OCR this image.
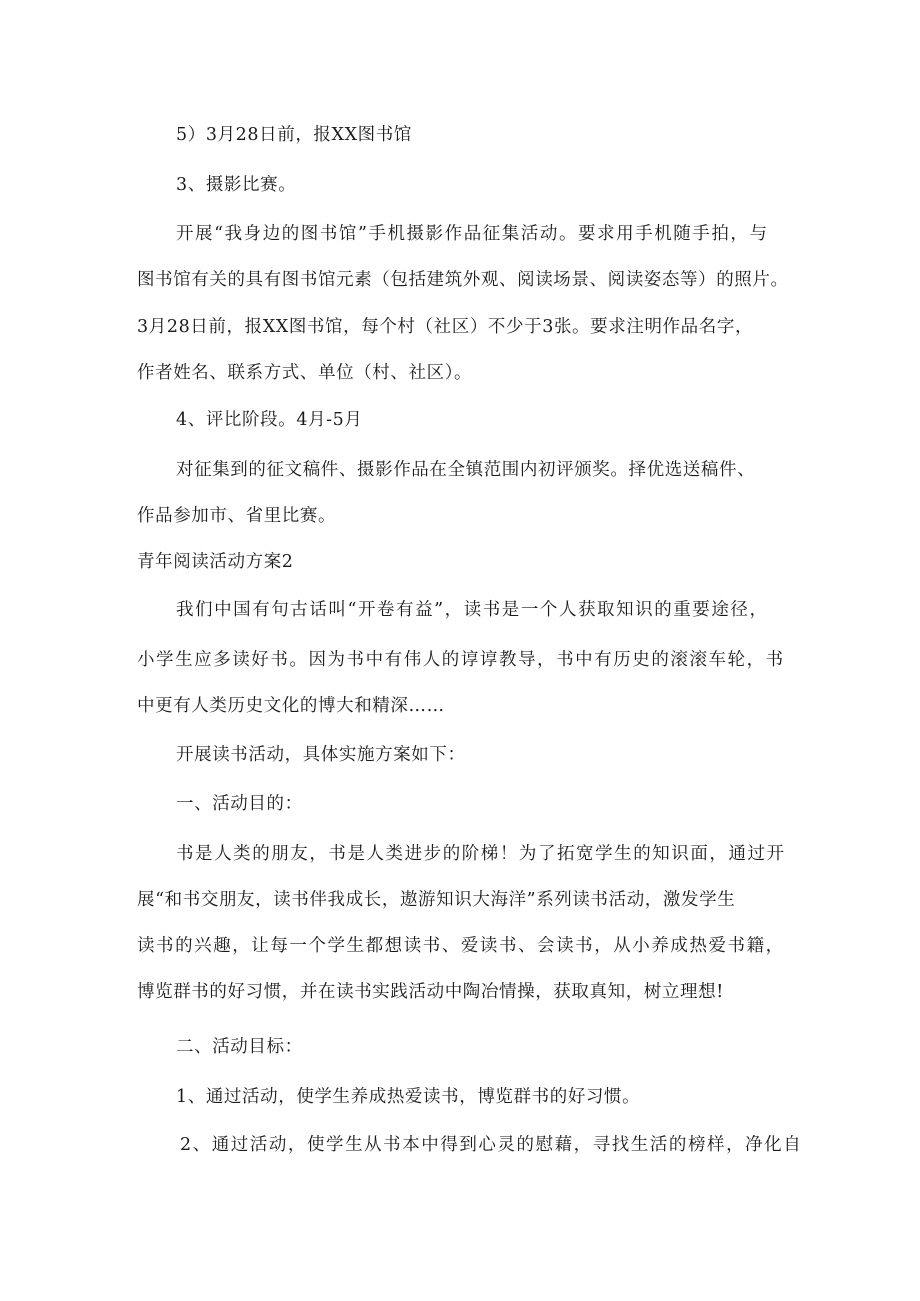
5）3月28日前，报XX图书馆

3、摄影比赛。

开展“我身边的图书馆”手机摄影作品征集活动。要求用手机随手拍，与

图书馆有关的具有图书馆元素（包括建筑外观、阅读场景、阅读姿态等）的照片。

3月28日前，报XX图书馆，每个村（社区）不少于3张。要求注明作品名字，

作者姓名、联系方式、单位（村、社区）。

4、评比阶段。4月-5月

对征集到的征文稿件、摄影作品在全镇范围内初评颁奖。择优选送稿件、

作品参加市、省里比赛。

青年阅读活动方案2

我们中国有句古话叫“开卷有益”，读书是一个人获取知识的重要途径，

小学生应多读好书。因为书中有伟人的谆谆教导，书中有历史的滚滚车轮，书

中更有人类历史文化的博大和精深……

开展读书活动，具体实施方案如下：

一、活动目的：

书是人类的朋友，书是人类进步的阶梯！为了拓宽学生的知识面，通过开

展“和书交朋友，读书伴我成长，遨游知识大海洋”系列读书活动，激发学生

读书的兴趣，让每一个学生都想读书、爱读书、会读书，从小养成热爱书籍，

博览群书的好习惯，并在读书实践活动中陶冶情操，获取真知，树立理想!

二、活动目标：

1、通过活动，使学生养成热爱读书，博览群书的好习惯。

2、通过活动，使学生从书本中得到心灵的慰藉，寻找生活的榜样，净化自
